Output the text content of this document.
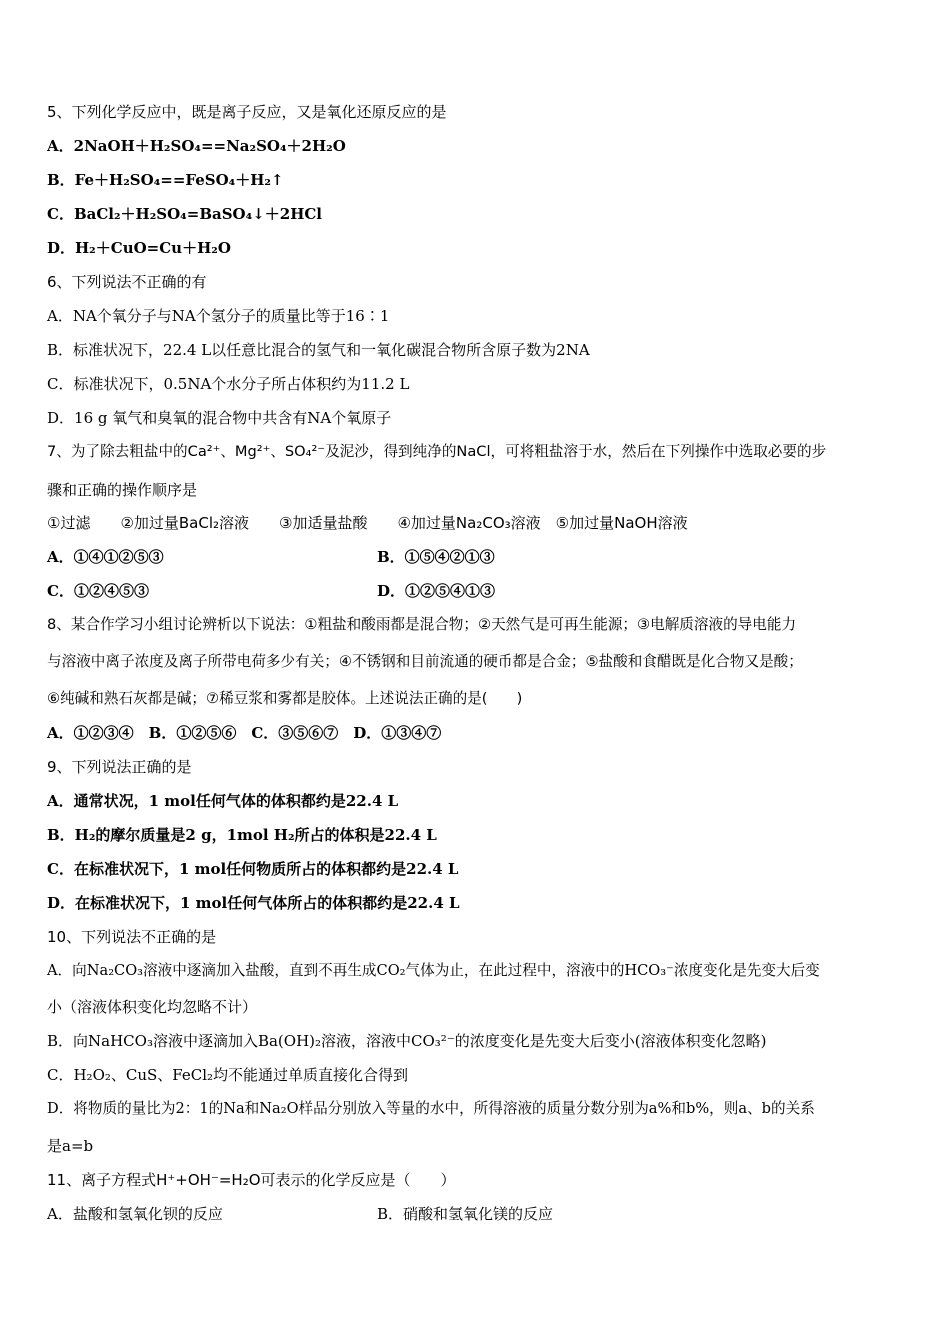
5、下列化学反应中，既是离子反应，又是氧化还原反应的是
A．2NaOH＋H₂SO₄==Na₂SO₄＋2H₂O
B．Fe＋H₂SO₄==FeSO₄＋H₂↑
C．BaCl₂＋H₂SO₄=BaSO₄↓＋2HCl
D．H₂＋CuO=Cu＋H₂O
6、下列说法不正确的有
A．NA个氧分子与NA个氢分子的质量比等于16∶1
B．标准状况下，22.4 L以任意比混合的氢气和一氧化碳混合物所含原子数为2NA
C．标准状况下，0.5NA个水分子所占体积约为11.2 L
D．16 g 氧气和臭氧的混合物中共含有NA个氧原子
7、为了除去粗盐中的Ca²⁺、Mg²⁺、SO₄²⁻及泥沙，得到纯净的NaCl，可将粗盐溶于水，然后在下列操作中选取必要的步
骤和正确的操作顺序是
①过滤　　②加过量BaCl₂溶液　　③加适量盐酸　　④加过量Na₂CO₃溶液　⑤加过量NaOH溶液
A．①④①②⑤③	B．①⑤④②①③
C．①②④⑤③	D．①②⑤④①③
8、某合作学习小组讨论辨析以下说法：①粗盐和酸雨都是混合物；②天然气是可再生能源；③电解质溶液的导电能力
与溶液中离子浓度及离子所带电荷多少有关；④不锈钢和目前流通的硬币都是合金；⑤盐酸和食醋既是化合物又是酸；
⑥纯碱和熟石灰都是碱；⑦稀豆浆和雾都是胶体。上述说法正确的是(　　)
A．①②③④　B．①②⑤⑥　C．③⑤⑥⑦　D．①③④⑦
9、下列说法正确的是
A．通常状况，1 mol任何气体的体积都约是22.4 L
B．H₂的摩尔质量是2 g，1mol H₂所占的体积是22.4 L
C．在标准状况下，1 mol任何物质所占的体积都约是22.4 L
D．在标准状况下，1 mol任何气体所占的体积都约是22.4 L
10、下列说法不正确的是
A．向Na₂CO₃溶液中逐滴加入盐酸，直到不再生成CO₂气体为止，在此过程中，溶液中的HCO₃⁻浓度变化是先变大后变
小（溶液体积变化均忽略不计）
B．向NaHCO₃溶液中逐滴加入Ba(OH)₂溶液，溶液中CO₃²⁻的浓度变化是先变大后变小(溶液体积变化忽略)
C．H₂O₂、CuS、FeCl₂均不能通过单质直接化合得到
D．将物质的量比为2：1的Na和Na₂O样品分别放入等量的水中，所得溶液的质量分数分别为a%和b%，则a、b的关系
是a=b
11、离子方程式H⁺+OH⁻=H₂O可表示的化学反应是（　　）
A．盐酸和氢氧化钡的反应	B．硝酸和氢氧化镁的反应
